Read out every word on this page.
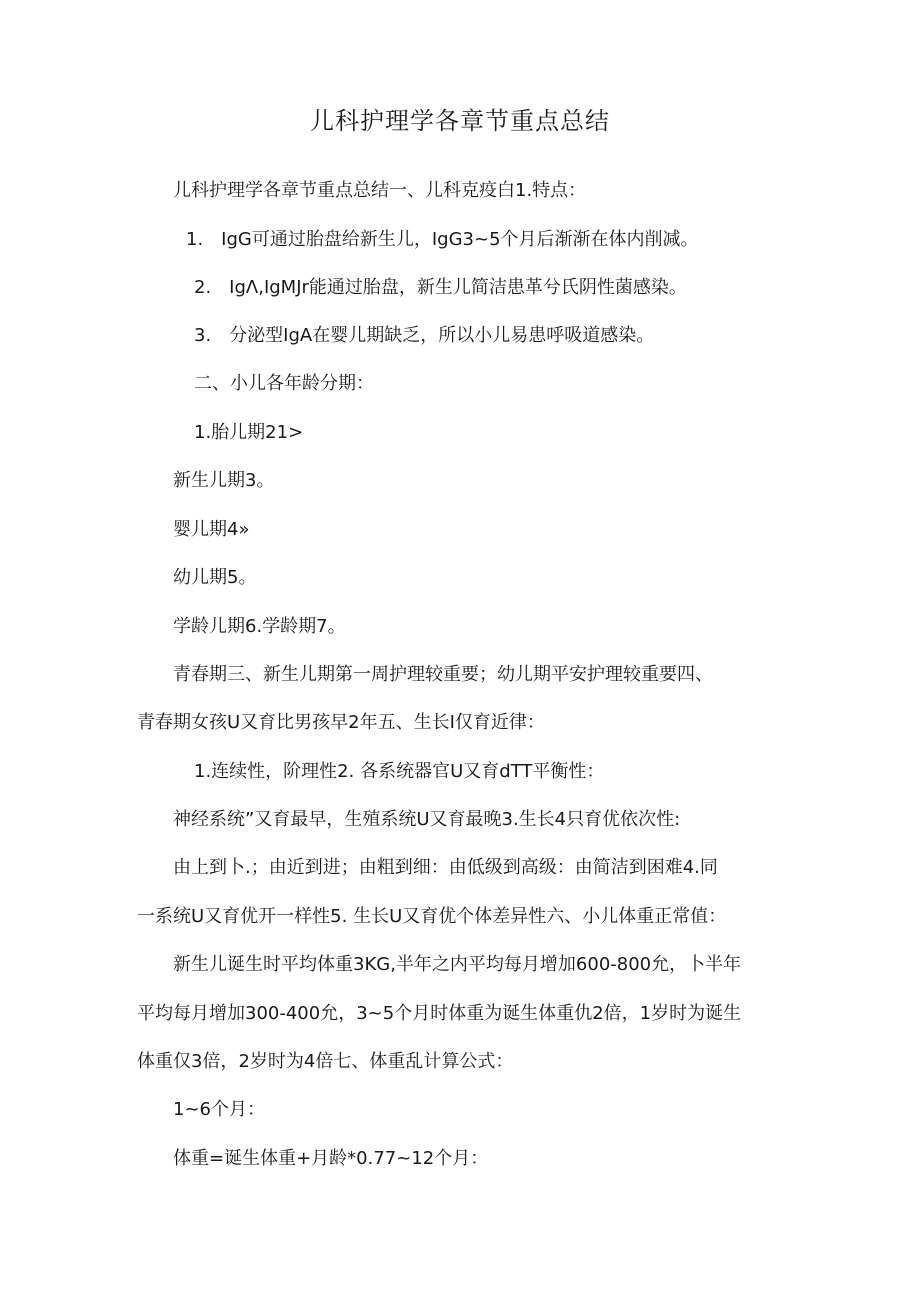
儿科护理学各章节重点总结
儿科护理学各章节重点总结一、儿科克疫白1.特点：
1.　IgG可通过胎盘给新生儿，IgG3~5个月后渐渐在体内削减。
2.　IgΛ,IgMJr能通过胎盘，新生儿简洁患革兮氏阴性菌感染。
3.　分泌型IgA在婴儿期缺乏，所以小儿易患呼吸道感染。
二、小儿各年龄分期：
1.胎儿期21>
新生儿期3。
婴儿期4»
幼儿期5。
学龄儿期6.学龄期7。
青春期三、新生儿期第一周护理较重要；幼儿期平安护理较重要四、
青春期女孩U又育比男孩早2年五、生长I仅育近律：
1.连续性，阶理性2. 各系统器官U又育dTT平衡性：
神经系统”又育最早，生殖系统U又育最晚3.生长4只育优依次性:
由上到卜.；由近到进；由粗到细：由低级到高级：由简洁到困难4.同
一系统U又育优开一样性5. 生长U又育优个体差异性六、小儿体重正常值：
新生儿诞生时平均体重3KG,半年之内平均每月增加600-800允，卜半年
平均每月增加300-400允，3~5个月时体重为诞生体重仇2倍，1岁时为诞生
体重仅3倍，2岁时为4倍七、体重乱计算公式：
1~6个月：
体重=诞生体重+月龄*0.77~12个月：
